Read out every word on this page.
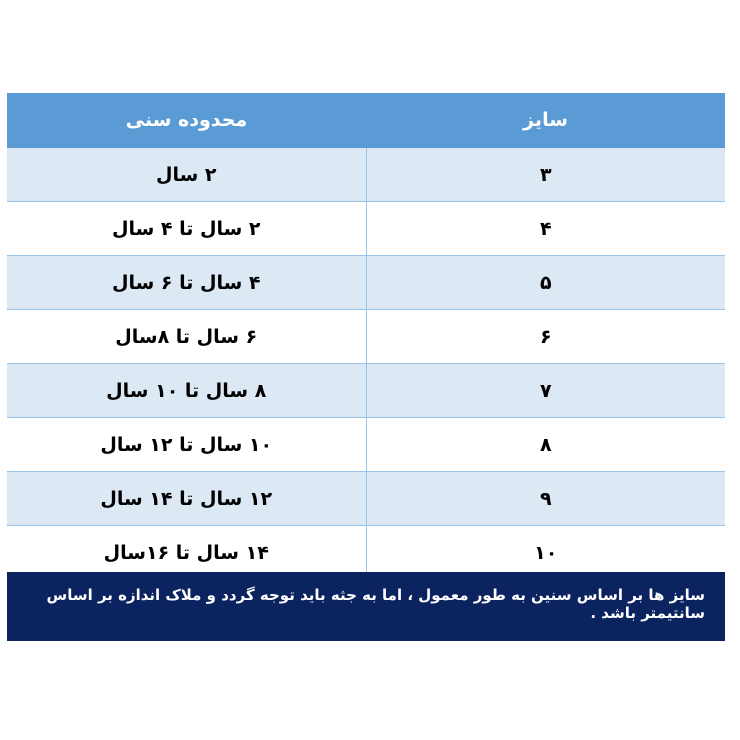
سایز	محدوده سنی
۳	۲ سال
۴	۲ سال تا ۴ سال
۵	۴ سال تا ۶ سال
۶	۶ سال تا ۸سال
۷	۸ سال تا ۱۰ سال
۸	۱۰ سال تا ۱۲ سال
۹	۱۲ سال تا ۱۴ سال
۱۰	۱۴ سال تا ۱۶سال
سایز ها بر اساس سنین به طور معمول ، اما به جثه باید توجه گردد و ملاک اندازه بر اساس سانتیمتر باشد .
